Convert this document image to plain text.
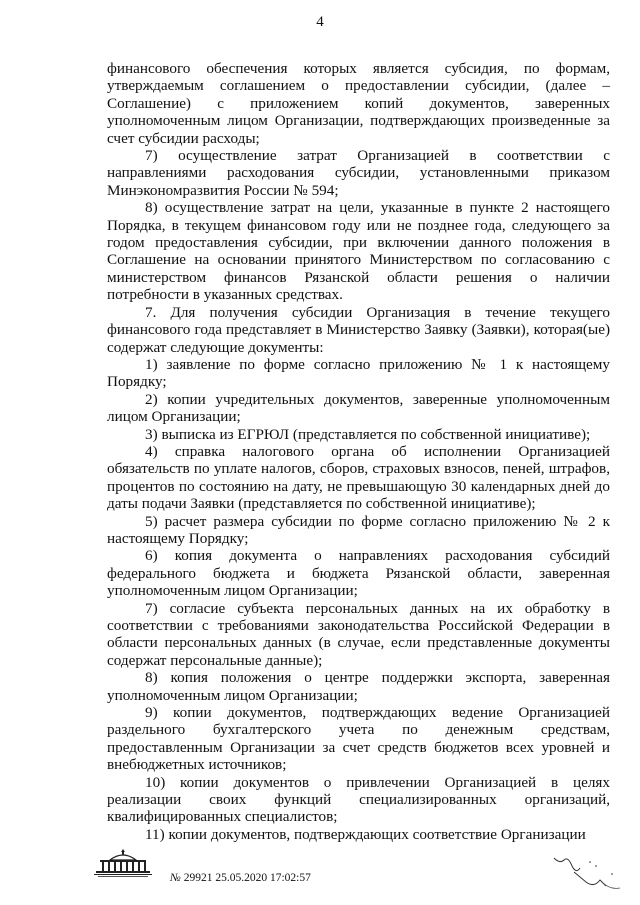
4

финансового обеспечения которых является субсидия, по формам, утверждаемым соглашением о предоставлении субсидии, (далее – Соглашение) с приложением копий документов, заверенных уполномоченным лицом Организации, подтверждающих произведенные за счет субсидии расходы;

7) осуществление затрат Организацией в соответствии с направлениями расходования субсидии, установленными приказом Минэкономразвития России № 594;

8) осуществление затрат на цели, указанные в пункте 2 настоящего Порядка, в текущем финансовом году или не позднее года, следующего за годом предоставления субсидии, при включении данного положения в Соглашение на основании принятого Министерством по согласованию с министерством финансов Рязанской области решения о наличии потребности в указанных средствах.

7. Для получения субсидии Организация в течение текущего финансового года представляет в Министерство Заявку (Заявки), которая(ые) содержат следующие документы:

1) заявление по форме согласно приложению № 1 к настоящему Порядку;

2) копии учредительных документов, заверенные уполномоченным лицом Организации;

3) выписка из ЕГРЮЛ (представляется по собственной инициативе);

4) справка налогового органа об исполнении Организацией обязательств по уплате налогов, сборов, страховых взносов, пеней, штрафов, процентов по состоянию на дату, не превышающую 30 календарных дней до даты подачи Заявки (представляется по собственной инициативе);

5) расчет размера субсидии по форме согласно приложению № 2 к настоящему Порядку;

6) копия документа о направлениях расходования субсидий федерального бюджета и бюджета Рязанской области, заверенная уполномоченным лицом Организации;

7) согласие субъекта персональных данных на их обработку в соответствии с требованиями законодательства Российской Федерации в области персональных данных (в случае, если представленные документы содержат персональные данные);

8) копия положения о центре поддержки экспорта, заверенная уполномоченным лицом Организации;

9) копии документов, подтверждающих ведение Организацией раздельного бухгалтерского учета по денежным средствам, предоставленным Организации за счет средств бюджетов всех уровней и внебюджетных источников;

10) копии документов о привлечении Организацией в целях реализации своих функций специализированных организаций, квалифицированных специалистов;

11) копии документов, подтверждающих соответствие Организации

№ 29921 25.05.2020 17:02:57
